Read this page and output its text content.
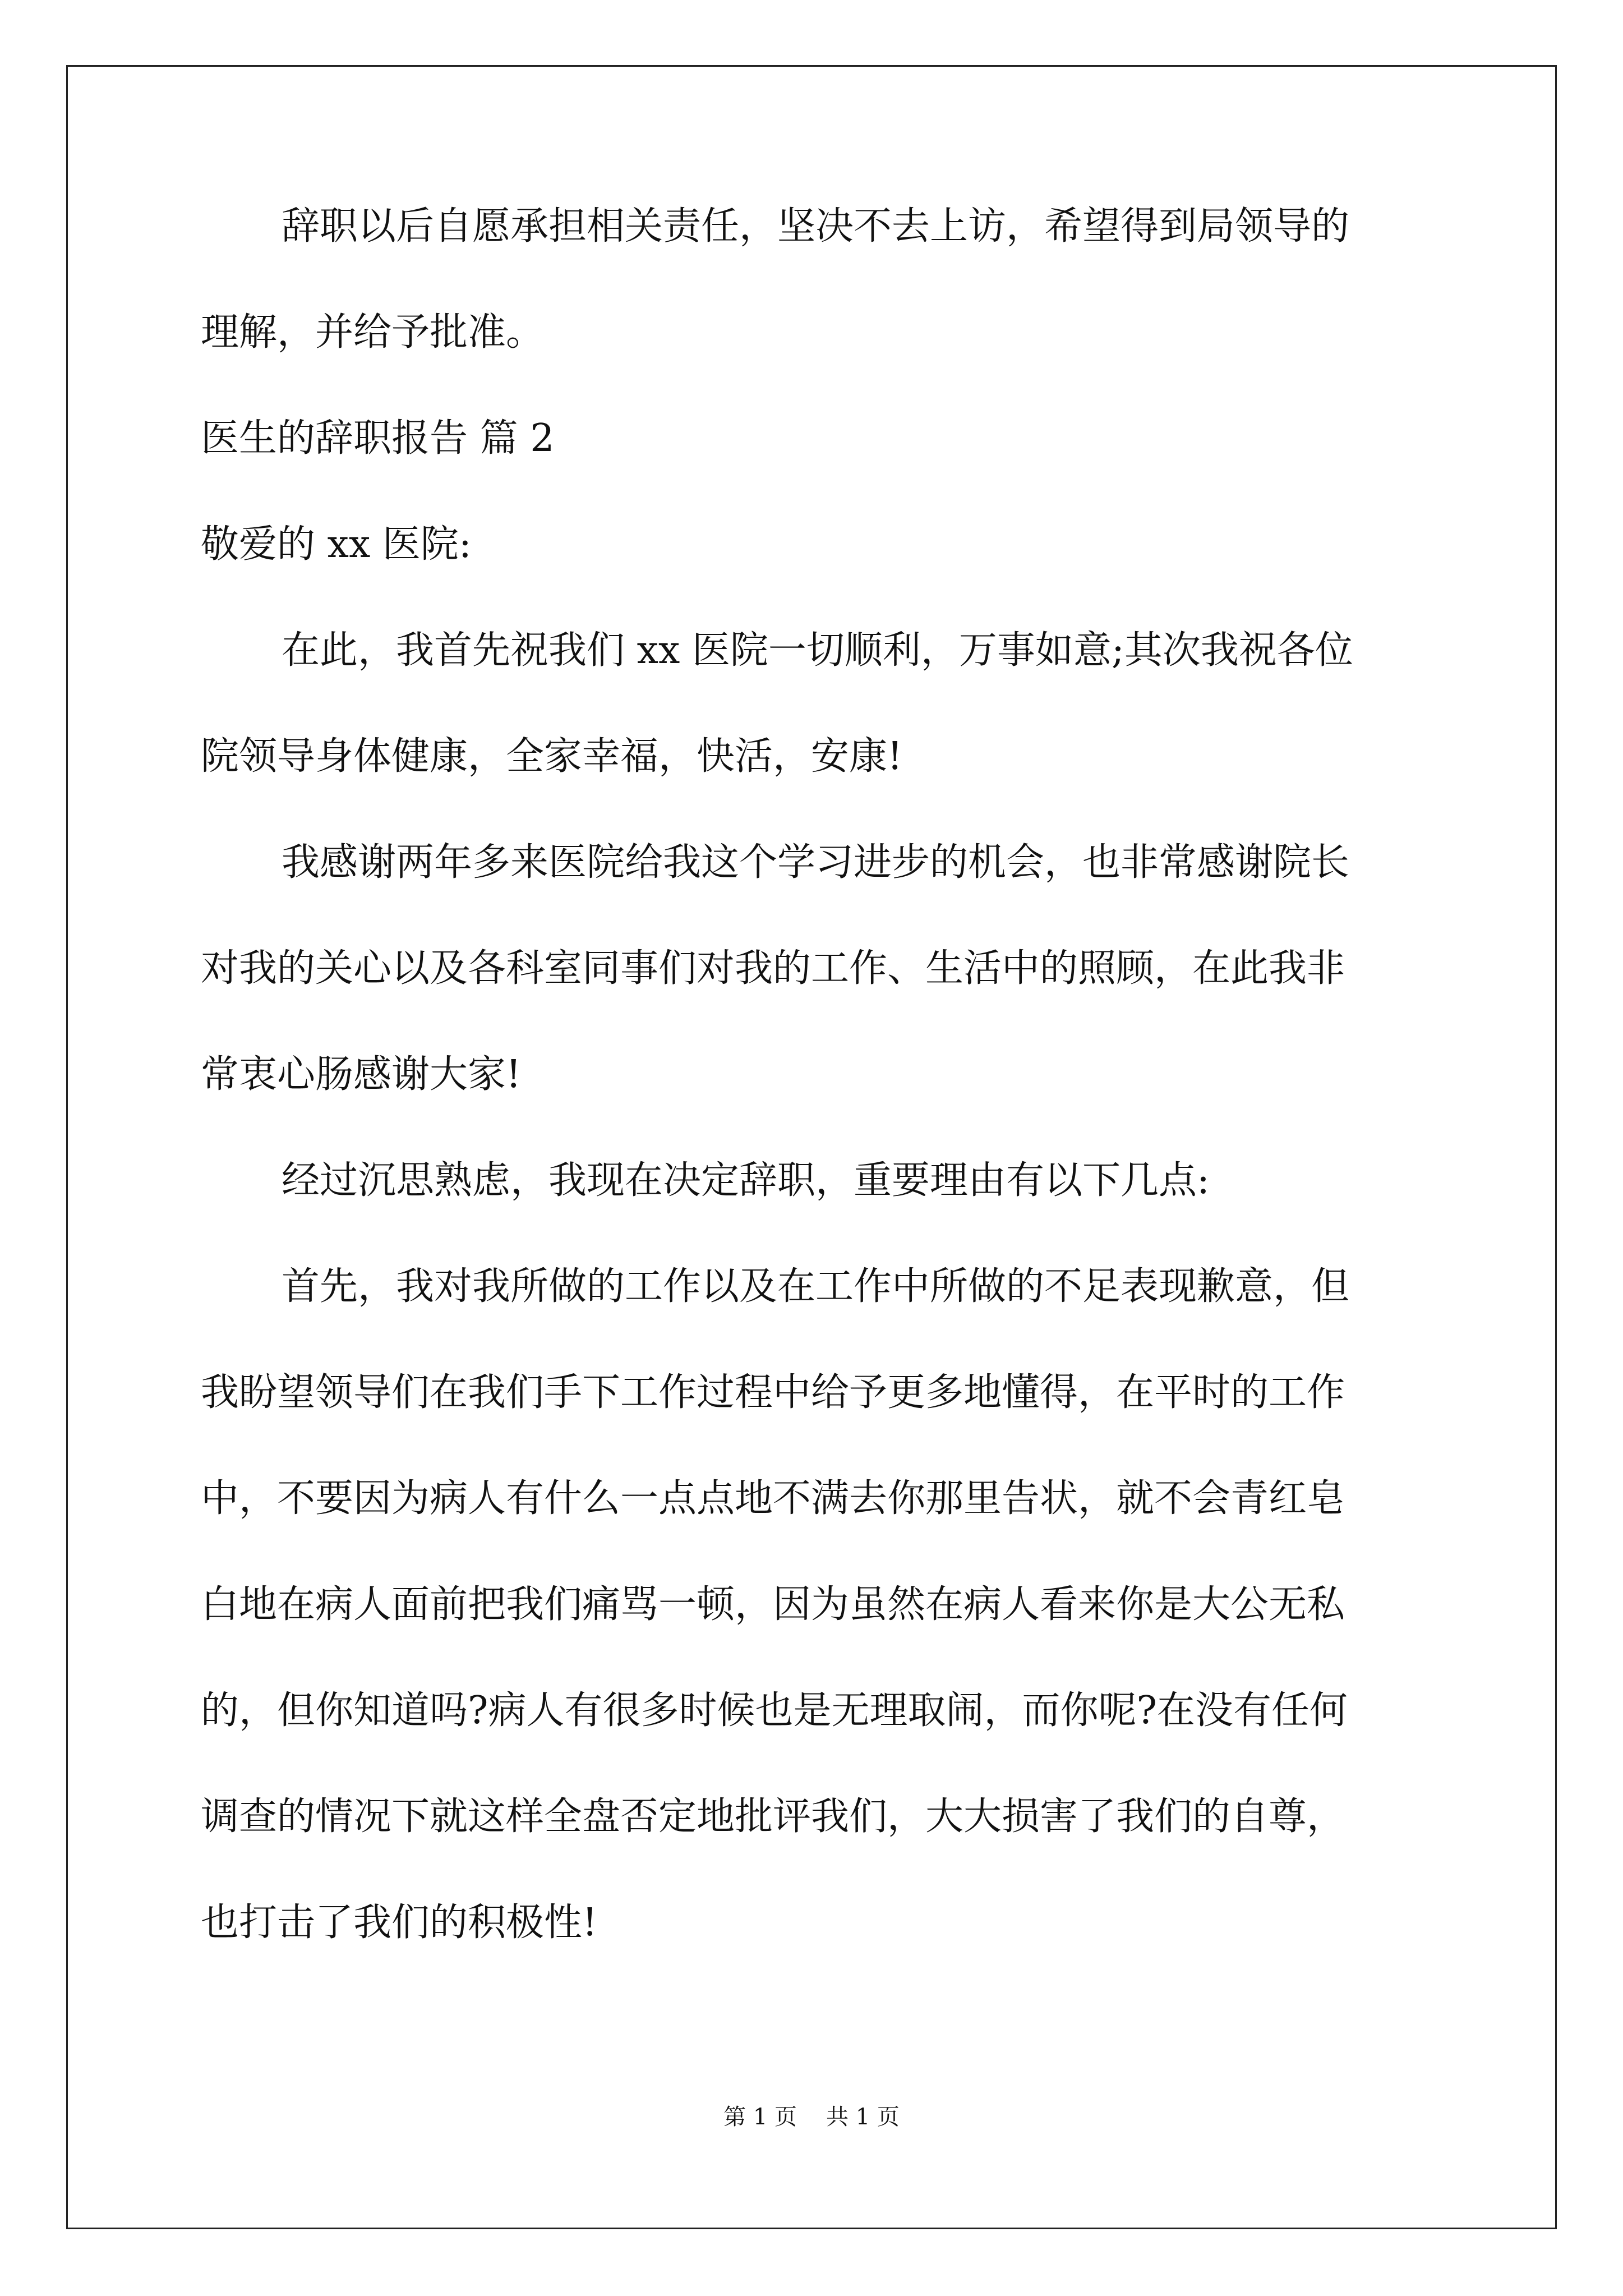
辞职以后自愿承担相关责任，坚决不去上访，希望得到局领导的
理解，并给予批准。
医生的辞职报告 篇 2
敬爱的 xx 医院:
在此，我首先祝我们 xx 医院一切顺利，万事如意;其次我祝各位
院领导身体健康，全家幸福，快活，安康!
我感谢两年多来医院给我这个学习进步的机会，也非常感谢院长
对我的关心以及各科室同事们对我的工作、生活中的照顾，在此我非
常衷心肠感谢大家!
经过沉思熟虑，我现在决定辞职，重要理由有以下几点:
首先，我对我所做的工作以及在工作中所做的不足表现歉意，但
我盼望领导们在我们手下工作过程中给予更多地懂得，在平时的工作
中，不要因为病人有什么一点点地不满去你那里告状，就不会青红皂
白地在病人面前把我们痛骂一顿，因为虽然在病人看来你是大公无私
的，但你知道吗?病人有很多时候也是无理取闹，而你呢?在没有任何
调查的情况下就这样全盘否定地批评我们，大大损害了我们的自尊，
也打击了我们的积极性!
第 1 页 共 1 页
